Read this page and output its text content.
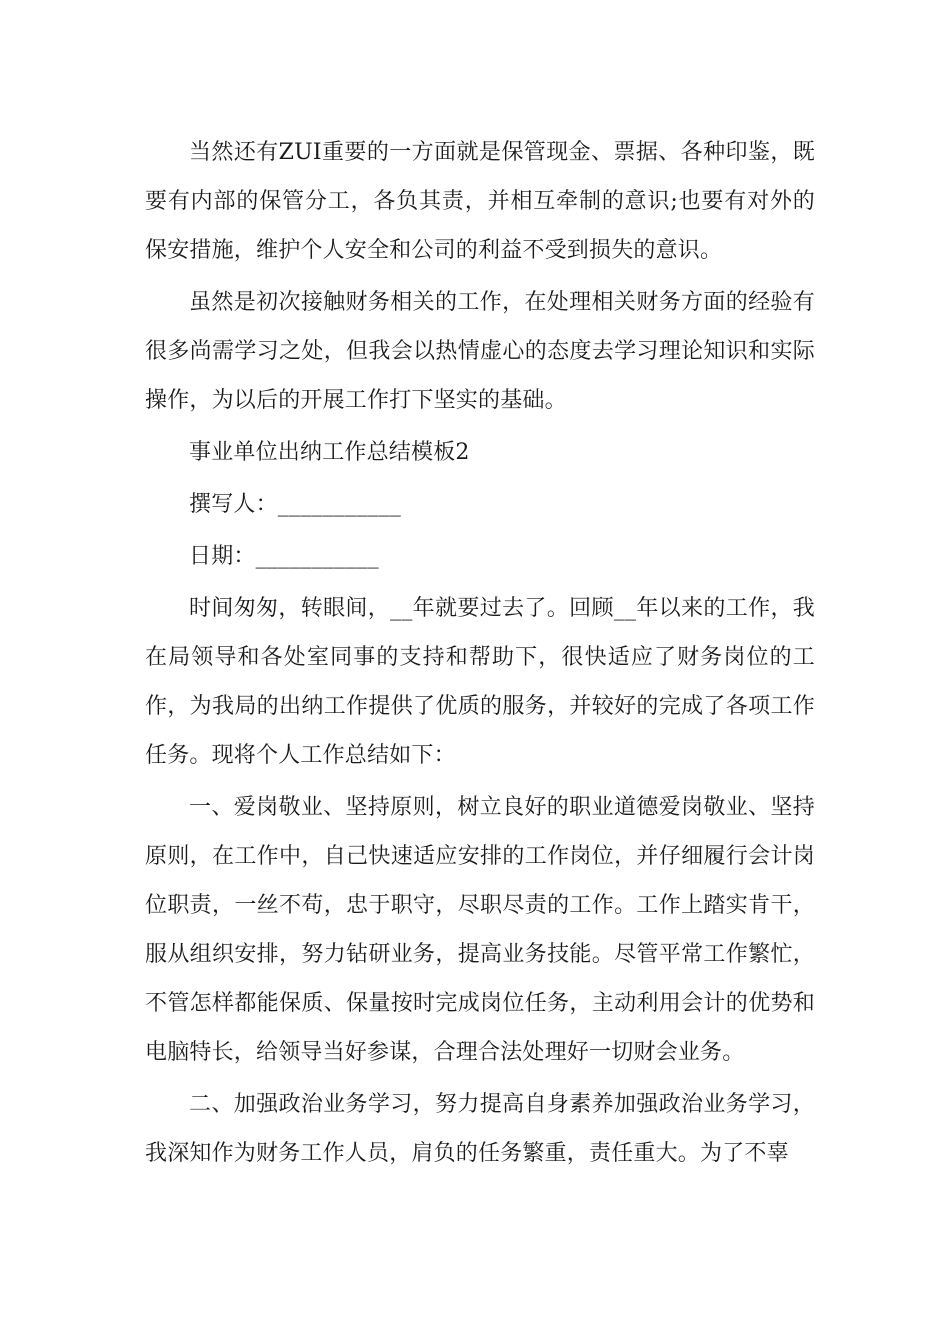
当然还有ZUI重要的一方面就是保管现金、票据、各种印鉴，既要有内部的保管分工，各负其责，并相互牵制的意识;也要有对外的保安措施，维护个人安全和公司的利益不受到损失的意识。

虽然是初次接触财务相关的工作，在处理相关财务方面的经验有很多尚需学习之处，但我会以热情虚心的态度去学习理论知识和实际操作，为以后的开展工作打下坚实的基础。

事业单位出纳工作总结模板2

撰写人：___________

日期：___________

时间匆匆，转眼间，__年就要过去了。回顾__年以来的工作，我在局领导和各处室同事的支持和帮助下，很快适应了财务岗位的工作，为我局的出纳工作提供了优质的服务，并较好的完成了各项工作任务。现将个人工作总结如下：

一、爱岗敬业、坚持原则，树立良好的职业道德爱岗敬业、坚持原则，在工作中，自己快速适应安排的工作岗位，并仔细履行会计岗位职责，一丝不苟，忠于职守，尽职尽责的工作。工作上踏实肯干，服从组织安排，努力钻研业务，提高业务技能。尽管平常工作繁忙，不管怎样都能保质、保量按时完成岗位任务，主动利用会计的优势和电脑特长，给领导当好参谋，合理合法处理好一切财会业务。

二、加强政治业务学习，努力提高自身素养加强政治业务学习，我深知作为财务工作人员，肩负的任务繁重，责任重大。为了不辜
